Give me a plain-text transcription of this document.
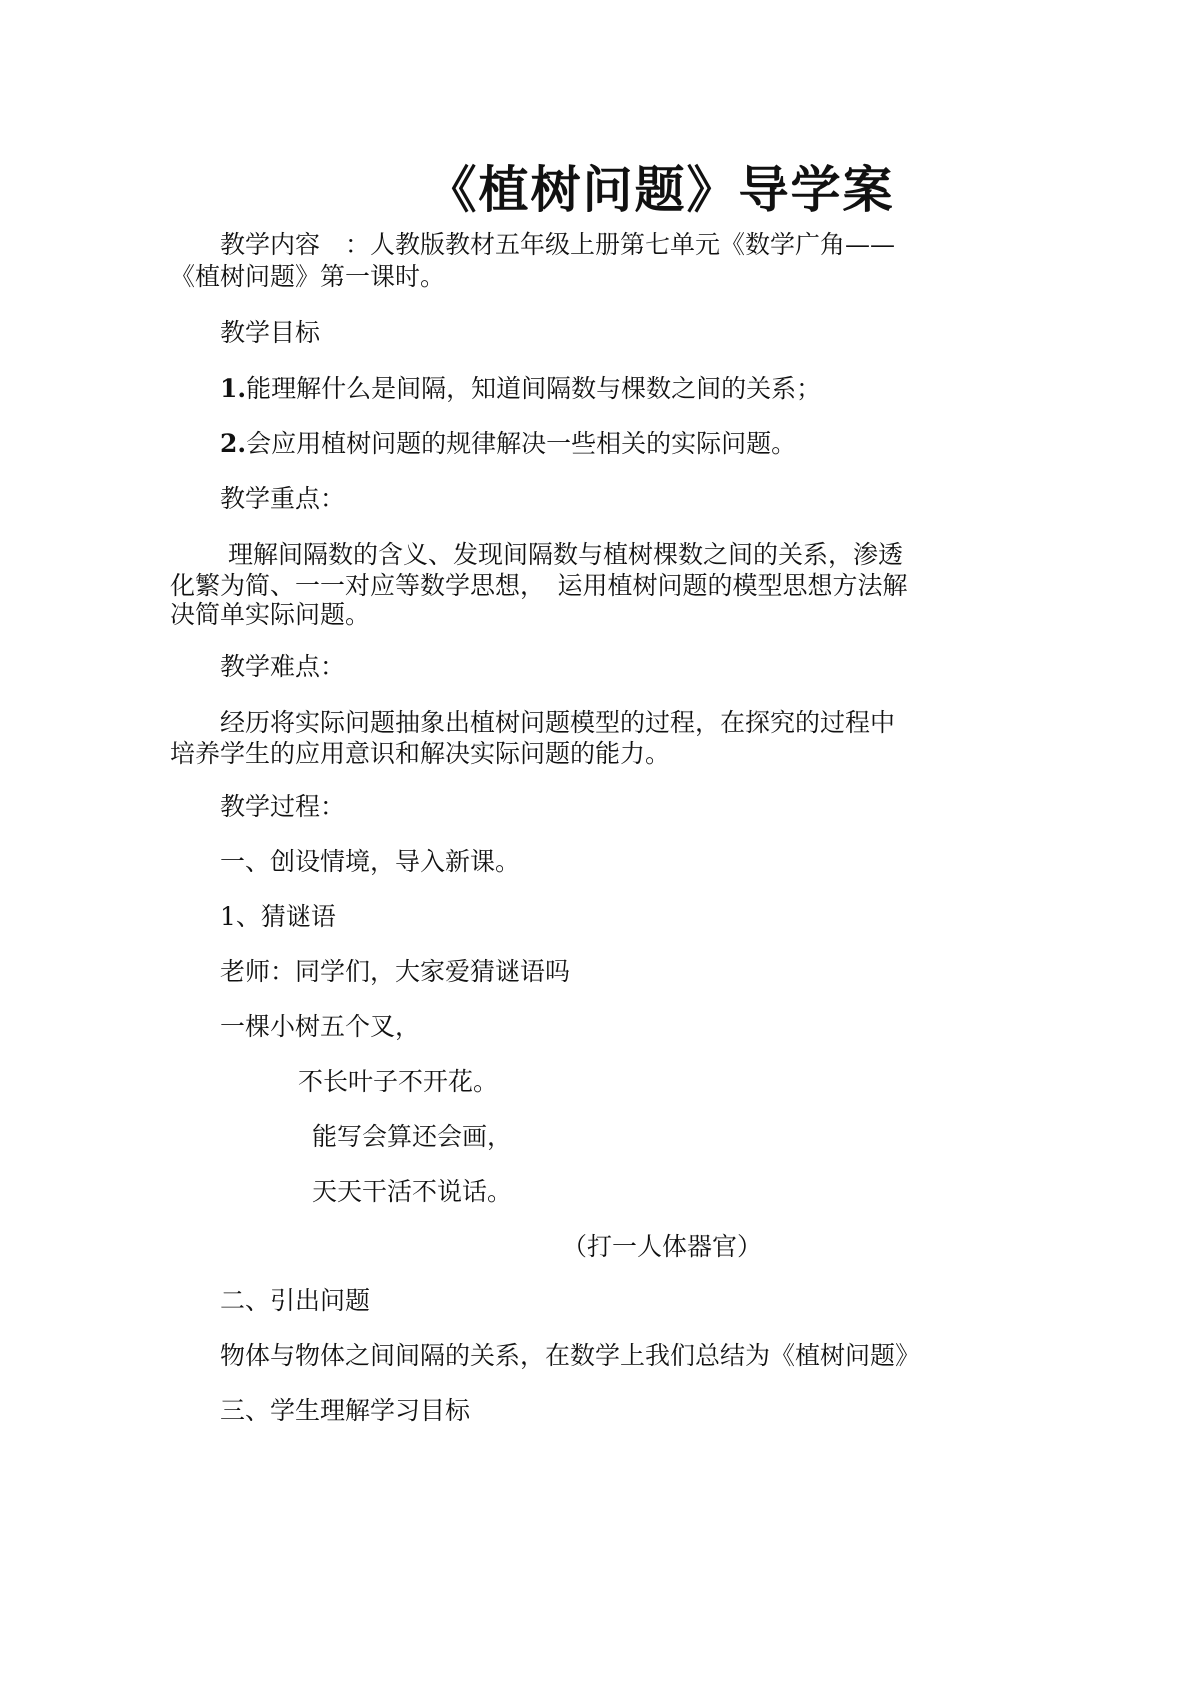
《植树问题》导学案
教学内容　：人教版教材五年级上册第七单元《数学广角——
《植树问题》第一课时。
教学目标
1.能理解什么是间隔，知道间隔数与棵数之间的关系；
2.会应用植树问题的规律解决一些相关的实际问题。
教学重点：
理解间隔数的含义、发现间隔数与植树棵数之间的关系，渗透
化繁为简、一一对应等数学思想，　运用植树问题的模型思想方法解
决简单实际问题。
教学难点：
经历将实际问题抽象出植树问题模型的过程，在探究的过程中
培养学生的应用意识和解决实际问题的能力。
教学过程：
一、创设情境，导入新课。
1、猜谜语
老师：同学们，大家爱猜谜语吗
一棵小树五个叉，
不长叶子不开花。
能写会算还会画，
天天干活不说话。
（打一人体器官）
二、引出问题
物体与物体之间间隔的关系，在数学上我们总结为《植树问题》
三、学生理解学习目标
